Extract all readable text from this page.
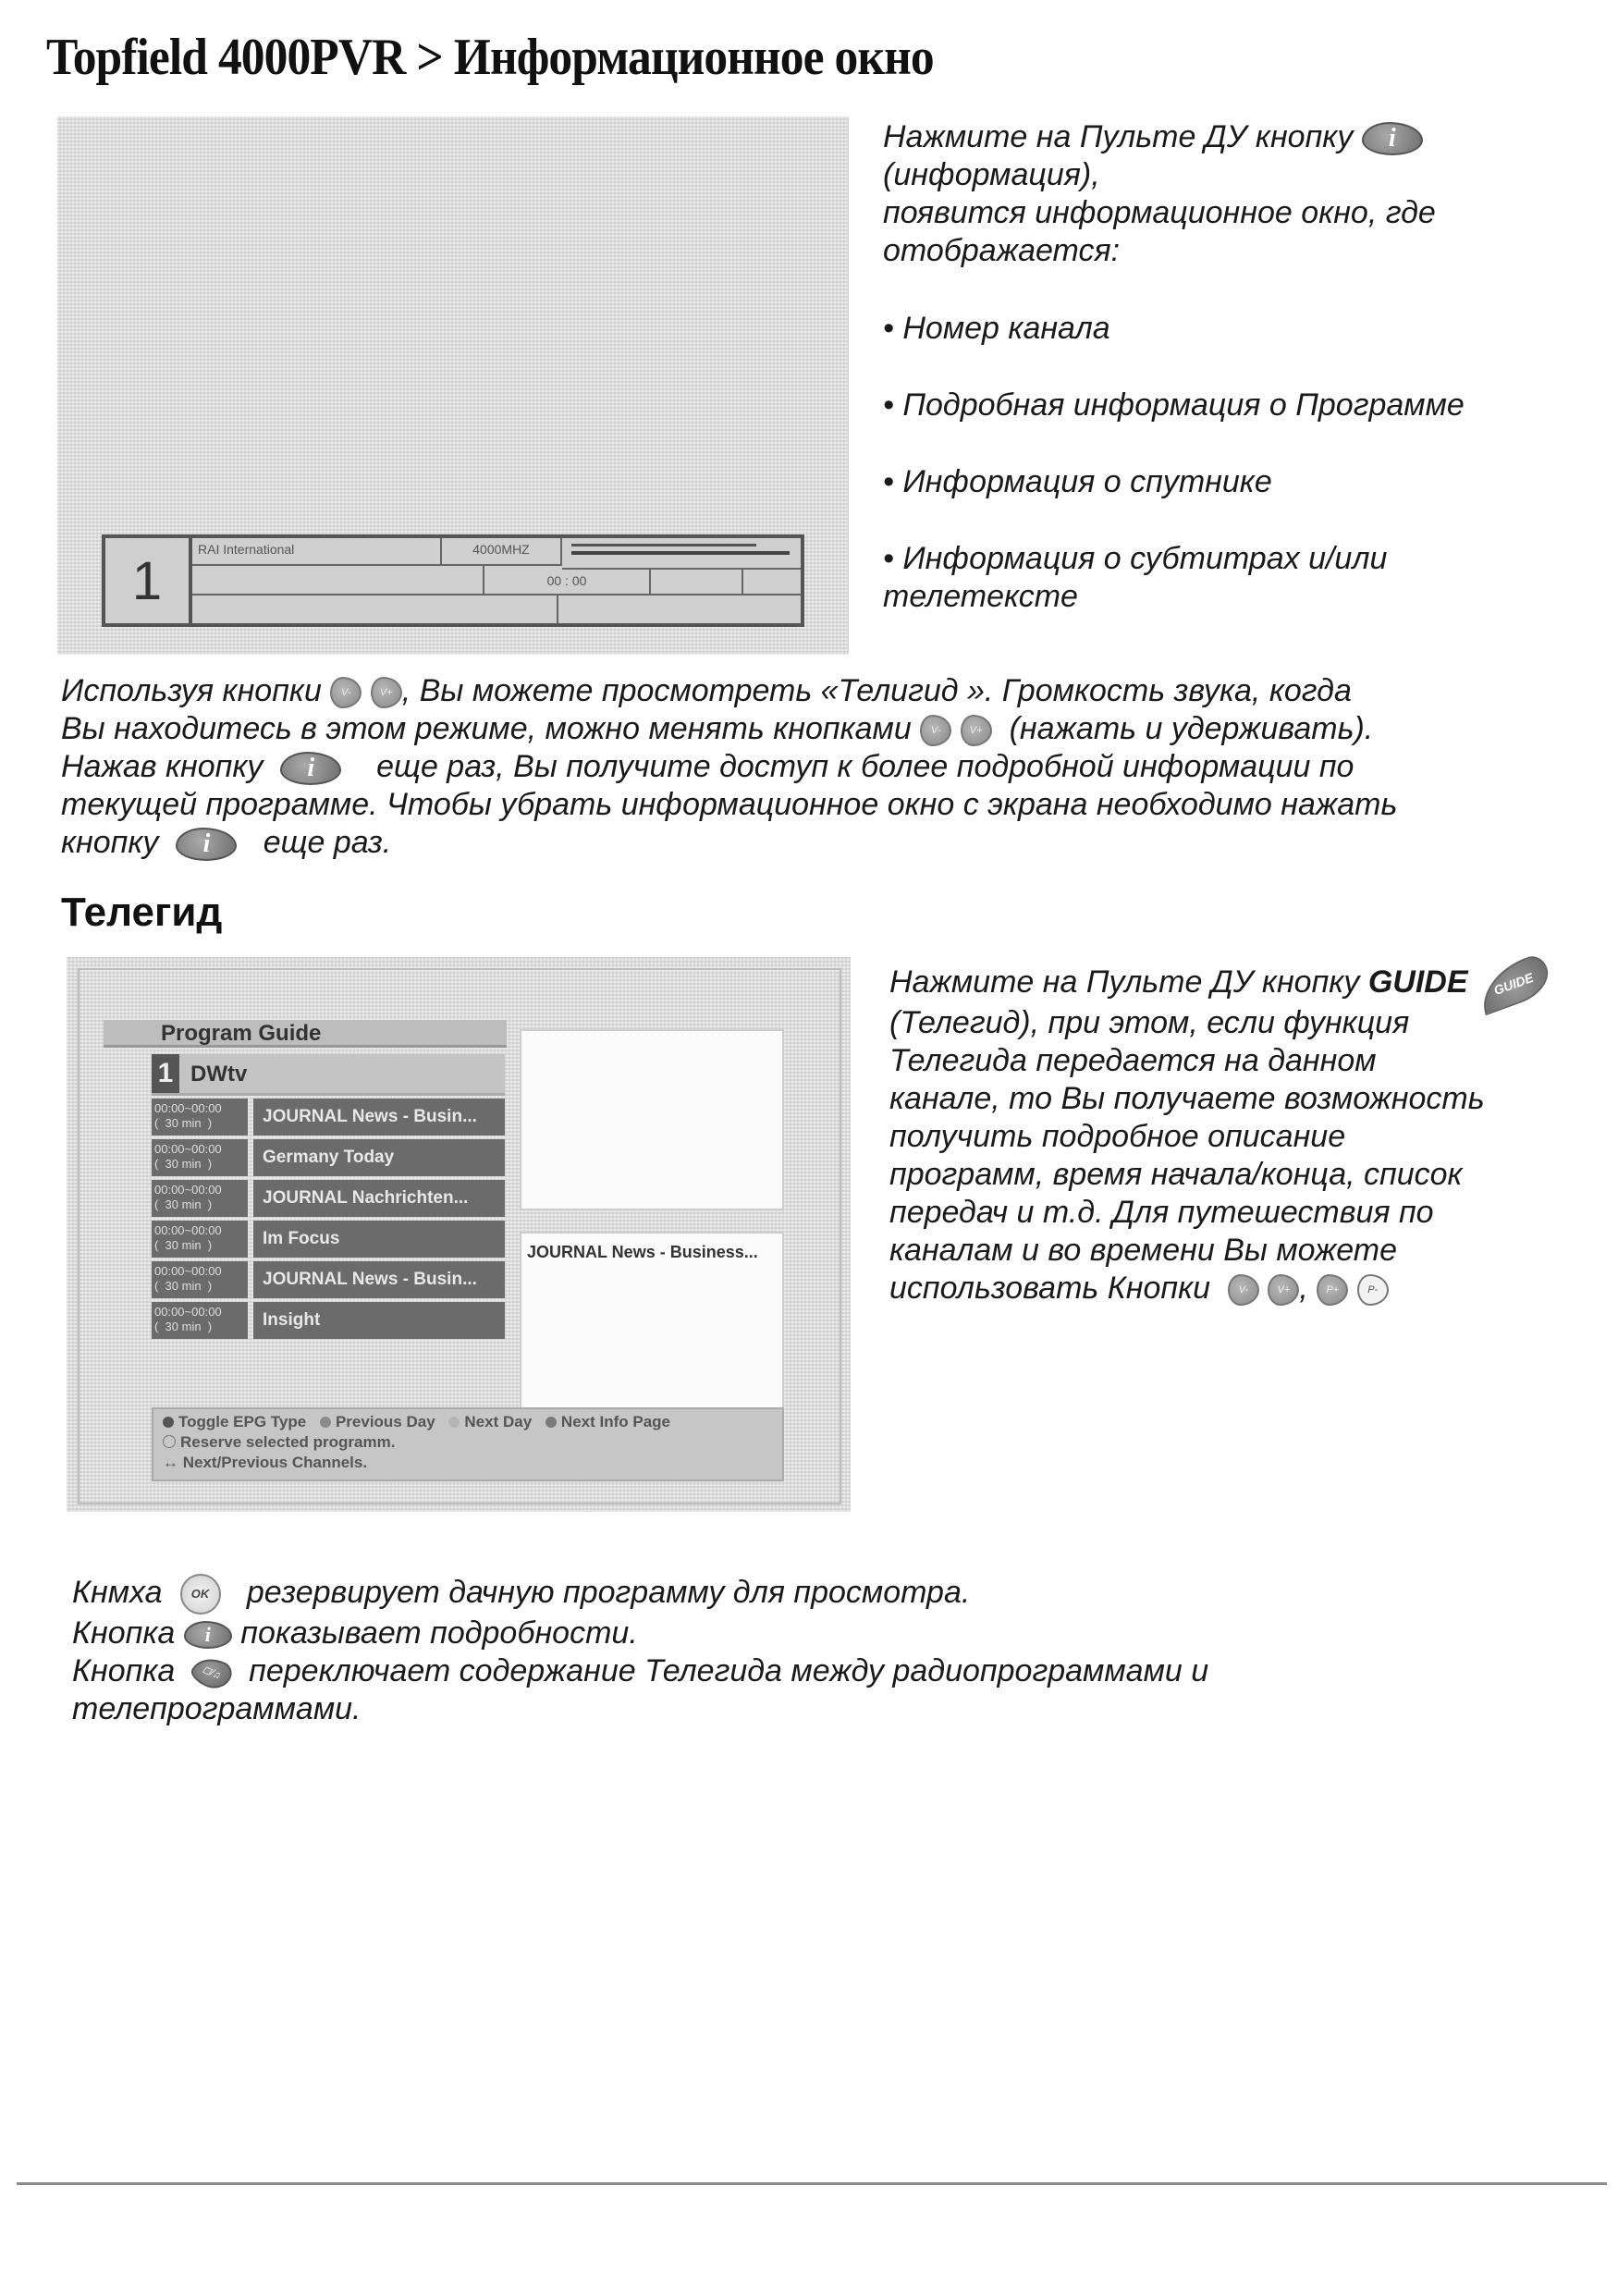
Topfield 4000PVR > Информационное окно
1
RAI International	4000MHZ
00 : 00
Нажмите на Пульте ДУ кнопку i
(информация),
появится информационное окно, где
отображается:
• Номер канала
• Подробная информация о Программе
• Информация о спутнике
• Информация о субтитрах и/или
телетексте
Используя кнопки V-	V+ , Вы можете просмотреть «Телигид ». Громкость звука, когда
Вы находитесь в этом режиме, можно менять кнопками V-	V+ (нажать и удерживать).
Нажав кнопку i еще раз, Вы получите доступ к более подробной информации по
текущей программе. Чтобы убрать информационное окно с экрана необходимо нажать
кнопку i еще раз.
Телегид
Program Guide
1 DWtv
00:00~00:00
(  30 min  )	JOURNAL News - Busin...
00:00~00:00
(  30 min  )	Germany Today
00:00~00:00
(  30 min  )	JOURNAL Nachrichten...
00:00~00:00
(  30 min  )	Im Focus
00:00~00:00
(  30 min  )	JOURNAL News - Busin...
00:00~00:00
(  30 min  )	Insight
JOURNAL News - Business...
Toggle EPG Type Previous Day Next Day Next Info Page
Reserve selected programm.
↔ Next/Previous Channels.
Нажмите на Пульте ДУ кнопку GUIDE GUIDE
(Телегид), при этом, если функция
Телегида передается на данном
канале, то Вы получаете возможность
получить подробное описание
программ, время начала/конца, список
передач и т.д. Для путешествия по
каналам и во времени Вы можете
использовать Кнопки	V-	V+ , P+	P-
Кнмха OK резервирует дачную программу для просмотра.
Кнопка i показывает подробности.
Кнопка	◻/♫ переключает содержание Телегида между радиопрограммами и
телепрограммами.
